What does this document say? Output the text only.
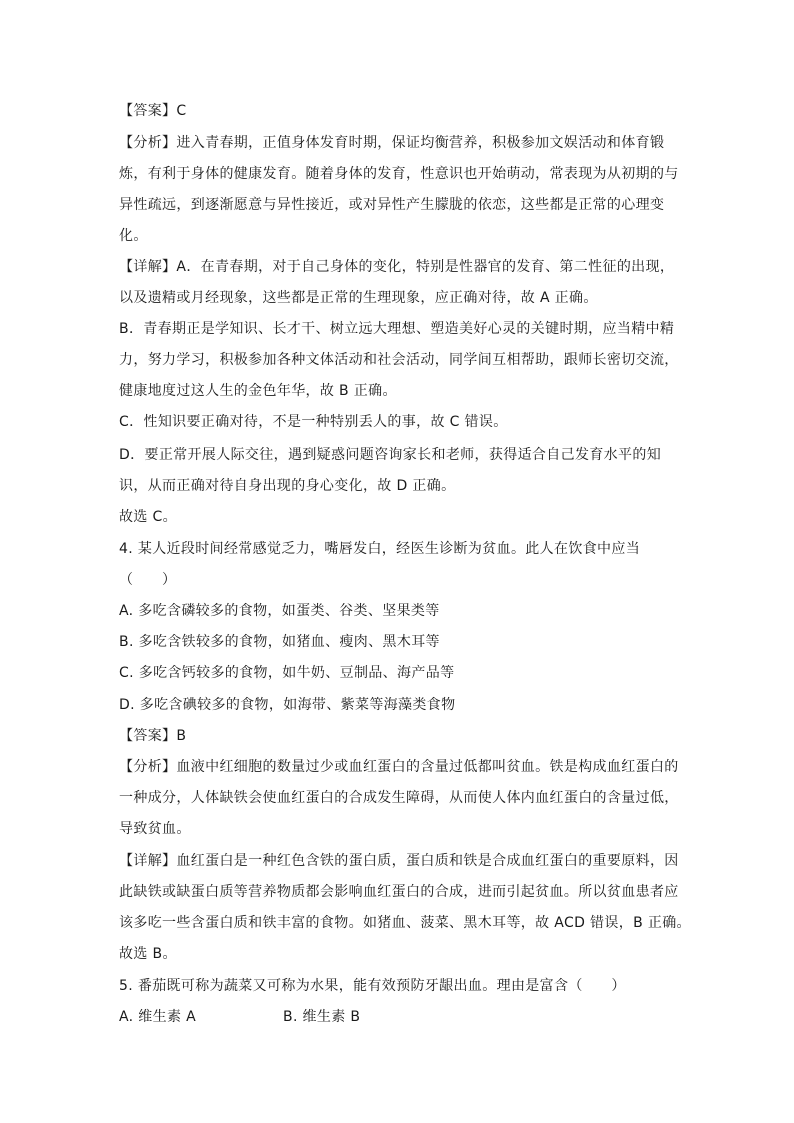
【答案】C
【分析】进入青春期，正值身体发育时期，保证均衡营养，积极参加文娱活动和体育锻
炼，有利于身体的健康发育。随着身体的发育，性意识也开始萌动，常表现为从初期的与
异性疏远，到逐渐愿意与异性接近，或对异性产生朦胧的依恋，这些都是正常的心理变
化。
【详解】A．在青春期，对于自己身体的变化，特别是性器官的发育、第二性征的出现，
以及遗精或月经现象，这些都是正常的生理现象，应正确对待，故 A 正确。
B．青春期正是学知识、长才干、树立远大理想、塑造美好心灵的关键时期，应当精中精
力，努力学习，积极参加各种文体活动和社会活动，同学间互相帮助，跟师长密切交流，
健康地度过这人生的金色年华，故 B 正确。
C．性知识要正确对待，不是一种特别丢人的事，故 C 错误。
D．要正常开展人际交往，遇到疑惑问题咨询家长和老师，获得适合自己发育水平的知
识，从而正确对待自身出现的身心变化，故 D 正确。
故选 C。
4. 某人近段时间经常感觉乏力，嘴唇发白，经医生诊断为贫血。此人在饮食中应当
（　　）
A. 多吃含磷较多的食物，如蛋类、谷类、坚果类等
B. 多吃含铁较多的食物，如猪血、瘦肉、黑木耳等
C. 多吃含钙较多的食物，如牛奶、豆制品、海产品等
D. 多吃含碘较多的食物，如海带、紫菜等海藻类食物
【答案】B
【分析】血液中红细胞的数量过少或血红蛋白的含量过低都叫贫血。铁是构成血红蛋白的
一种成分，人体缺铁会使血红蛋白的合成发生障碍，从而使人体内血红蛋白的含量过低，
导致贫血。
【详解】血红蛋白是一种红色含铁的蛋白质，蛋白质和铁是合成血红蛋白的重要原料，因
此缺铁或缺蛋白质等营养物质都会影响血红蛋白的合成，进而引起贫血。所以贫血患者应
该多吃一些含蛋白质和铁丰富的食物。如猪血、菠菜、黑木耳等，故 ACD 错误，B 正确。
故选 B。
5. 番茄既可称为蔬菜又可称为水果，能有效预防牙龈出血。理由是富含（　　）
A. 维生素 A	B. 维生素 B
